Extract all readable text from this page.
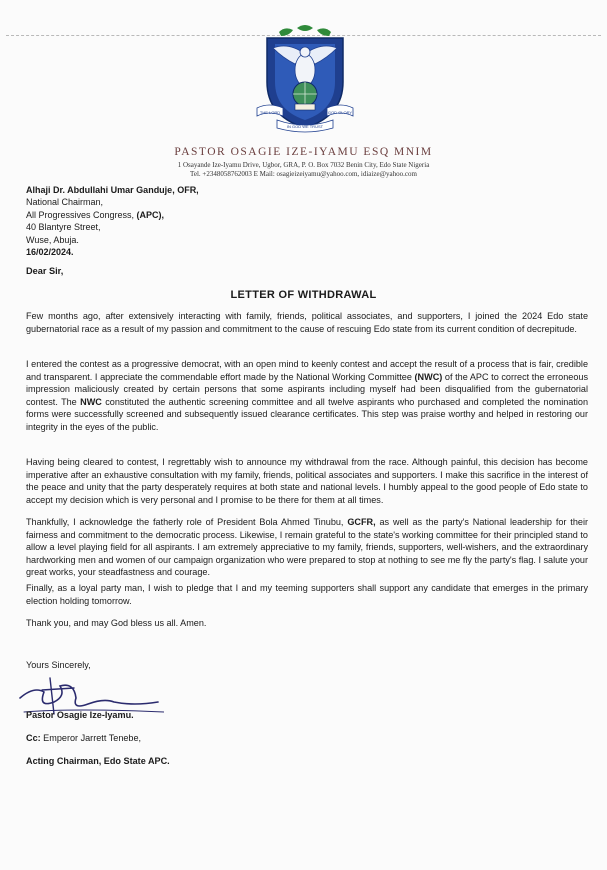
THE LORD	GOD GLORY
IN GOD WE TRUST
PASTOR OSAGIE IZE-IYAMU ESQ MNIM
1 Osayande Ize-Iyamu Drive, Ugbor, GRA, P. O. Box 7032 Benin City, Edo State Nigeria
Tel. +2348058762003 E Mail: osagieizeiyamu@yahoo.com, idiaize@yahoo.com
Alhaji Dr. Abdullahi Umar Ganduje, OFR,
National Chairman,
All Progressives Congress, (APC),
40 Blantyre Street,
Wuse, Abuja.
16/02/2024.
Dear Sir,
LETTER OF WITHDRAWAL

Few months ago, after extensively interacting with family, friends, political associates, and supporters, I joined the 2024 Edo state gubernatorial race as a result of my passion and commitment to the cause of rescuing Edo state from its current condition of decrepitude.

I entered the contest as a progressive democrat, with an open mind to keenly contest and accept the result of a process that is fair, credible and transparent. I appreciate the commendable effort made by the National Working Committee (NWC) of the APC to correct the erroneous impression maliciously created by certain persons that some aspirants including myself had been disqualified from the gubernatorial contest. The NWC constituted the authentic screening committee and all twelve aspirants who purchased and completed the nomination forms were successfully screened and subsequently issued clearance certificates. This step was praise worthy and helped in restoring our integrity in the eyes of the public.

Having being cleared to contest, I regrettably wish to announce my withdrawal from the race. Although painful, this decision has become imperative after an exhaustive consultation with my family, friends, political associates and supporters. I make this sacrifice in the interest of the peace and unity that the party desperately requires at both state and national levels. I humbly appeal to the good people of Edo state to accept my decision which is very personal and I promise to be there for them at all times.

Thankfully, I acknowledge the fatherly role of President Bola Ahmed Tinubu, GCFR, as well as the party's National leadership for their fairness and commitment to the democratic process. Likewise, I remain grateful to the state's working committee for their principled stand to allow a level playing field for all aspirants. I am extremely appreciative to my family, friends, supporters, well-wishers, and the extraordinary hardworking men and women of our campaign organization who were prepared to stop at nothing to see me fly the party's flag. I salute your great works, your steadfastness and courage.

Finally, as a loyal party man, I wish to pledge that I and my teeming supporters shall support any candidate that emerges in the primary election holding tomorrow.

Thank you, and may God bless us all. Amen.

Yours Sincerely,
Pastor Osagie Ize-Iyamu.
Cc: Emperor Jarrett Tenebe,
Acting Chairman, Edo State APC.
